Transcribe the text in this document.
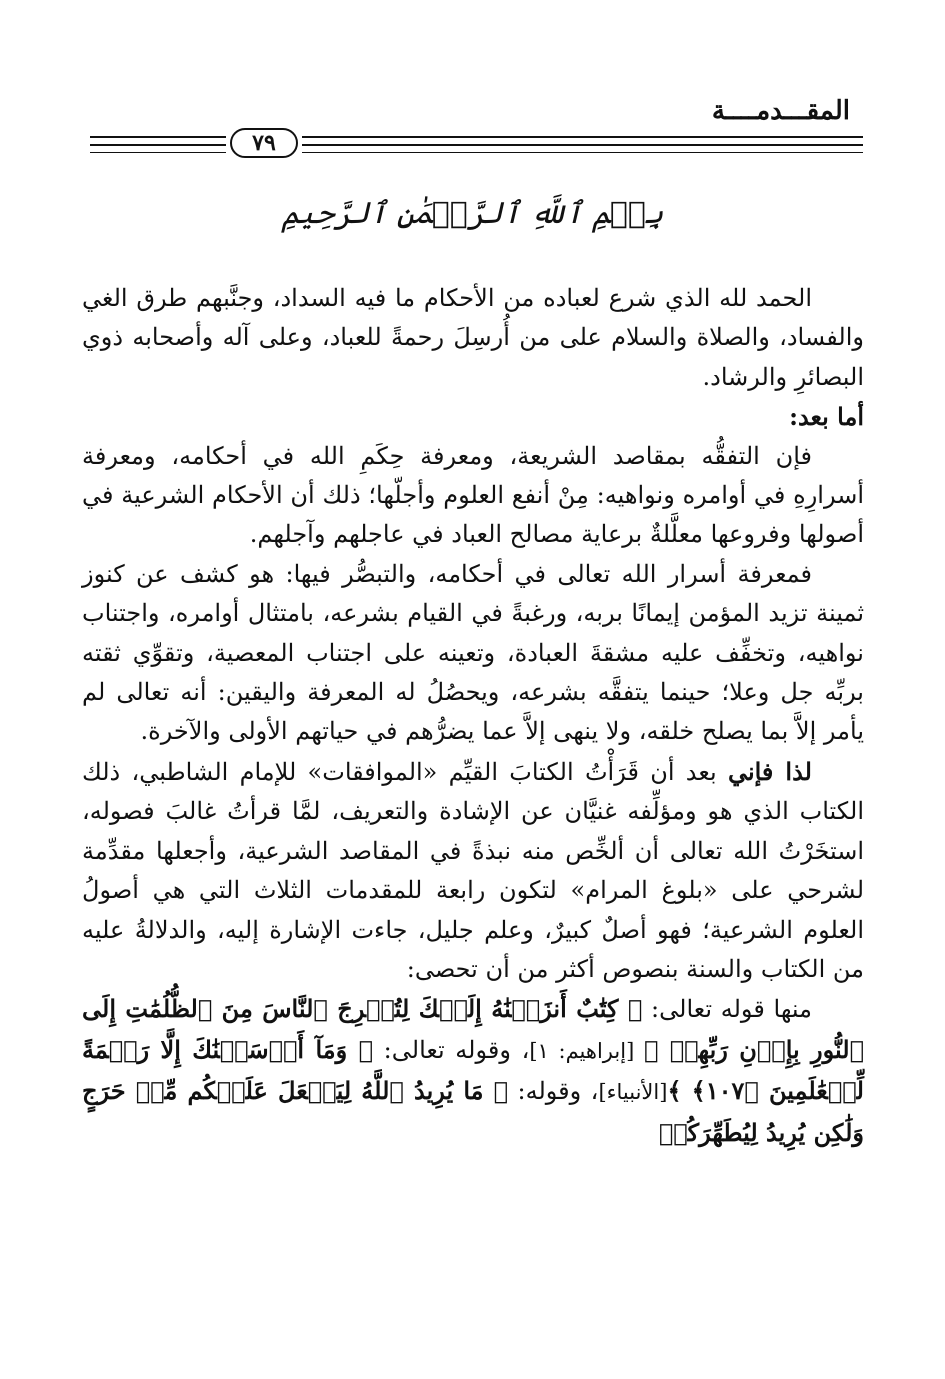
المقـــدمــــة
٧٩
بِسۡمِ ٱللَّهِ ٱلرَّحۡمَٰنِ ٱلرَّحِيمِ

الحمد لله الذي شرع لعباده من الأحكام ما فيه السداد، وجنَّبهم طرق الغي والفساد، والصلاة والسلام على من أُرسِلَ رحمةً للعباد، وعلى آله وأصحابه ذوي البصائرِ والرشاد.

أما بعد:

فإن التفقُّه بمقاصد الشريعة، ومعرفة حِكَمِ الله في أحكامه، ومعرفة أسرارِهِ في أوامره ونواهيه: مِنْ أنفع العلوم وأجلّها؛ ذلك أن الأحكام الشرعية في أصولها وفروعها معلَّلةٌ برعاية مصالح العباد في عاجلهم وآجلهم.

فمعرفة أسرار الله تعالى في أحكامه، والتبصُّر فيها: هو كشف عن كنوز ثمينة تزيد المؤمن إيمانًا بربه، ورغبةً في القيام بشرعه، بامتثال أوامره، واجتناب نواهيه، وتخفِّف عليه مشقةَ العبادة، وتعينه على اجتناب المعصية، وتقوِّي ثقته بربِّه جل وعلا؛ حينما يتفقَّه بشرعه، ويحصُلُ له المعرفة واليقين: أنه تعالى لم يأمر إلاَّ بما يصلح خلقه، ولا ينهى إلاَّ عما يضرُّهم في حياتهم الأولى والآخرة.

لذا فإني بعد أن قَرَأْتُ الكتابَ القيِّم «الموافقات» للإمام الشاطبي، ذلك الكتاب الذي هو ومؤلِّفه غنيَّان عن الإشادة والتعريف، لمَّا قرأتُ غالبَ فصوله، استخَرْتُ الله تعالى أن ألخِّص منه نبذةً في المقاصد الشرعية، وأجعلها مقدِّمة لشرحي على «بلوغ المرام» لتكون رابعة للمقدمات الثلاث التي هي أصولُ العلوم الشرعية؛ فهو أصلٌ كبيرٌ، وعلم جليل، جاءت الإشارة إليه، والدلالةُ عليه من الكتاب والسنة بنصوص أكثر من أن تحصى:

منها قوله تعالى: ﴿ كِتَٰبٌ أَنزَلۡنَٰهُ إِلَيۡكَ لِتُخۡرِجَ ٱلنَّاسَ مِنَ ٱلظُّلُمَٰتِ إِلَى ٱلنُّورِ بِإِذۡنِ رَبِّهِمۡ ﴾ [إبراهيم: ١]، وقوله تعالى: ﴿ وَمَآ أَرۡسَلۡنَٰكَ إِلَّا رَحۡمَةً لِّلۡعَٰلَمِينَ ﴿١٠٧﴾ ﴾[الأنبياء]، وقوله: ﴿ مَا يُرِيدُ ٱللَّهُ لِيَجۡعَلَ عَلَيۡكُم مِّنۡ حَرَجٍ وَلَٰكِن يُرِيدُ لِيُطَهِّرَكُمۡ
